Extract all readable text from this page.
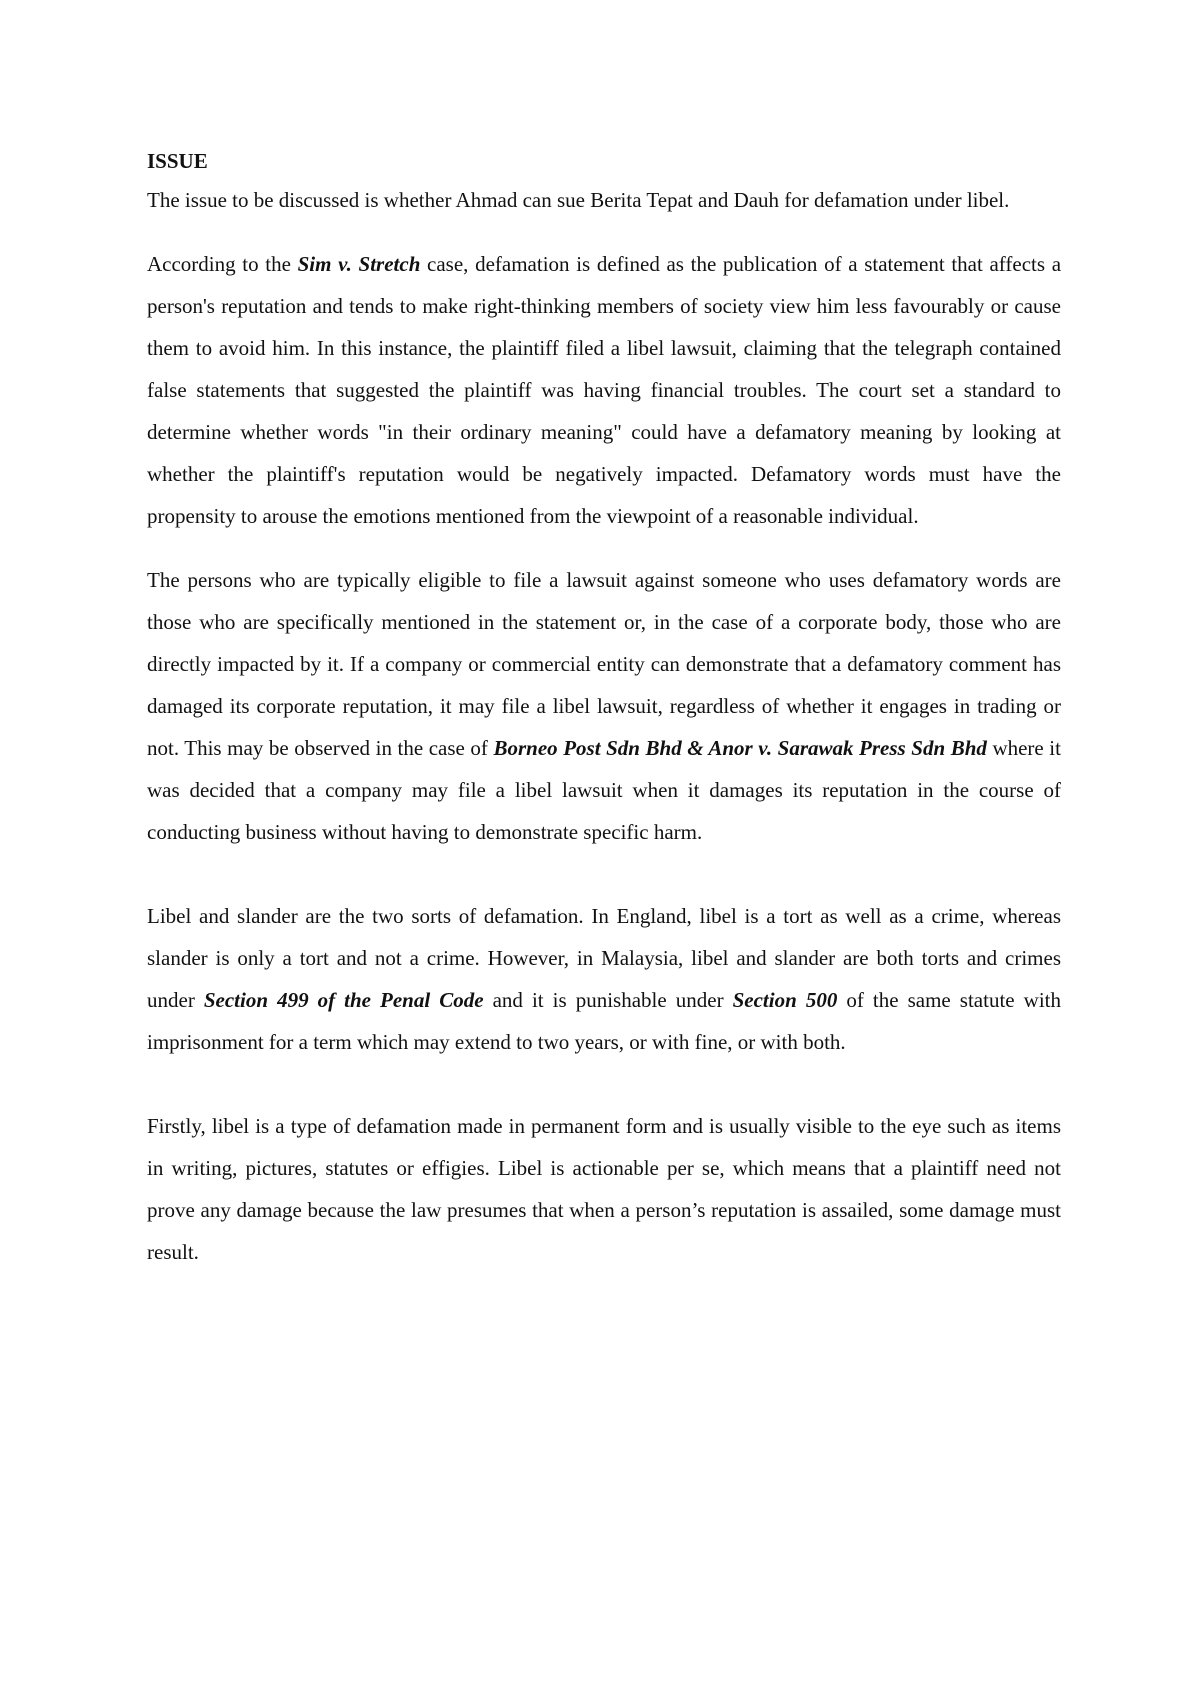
ISSUE

The issue to be discussed is whether Ahmad can sue Berita Tepat and Dauh for defamation under libel.

According to the Sim v. Stretch case, defamation is defined as the publication of a statement that affects a person's reputation and tends to make right-thinking members of society view him less favourably or cause them to avoid him. In this instance, the plaintiff filed a libel lawsuit, claiming that the telegraph contained false statements that suggested the plaintiff was having financial troubles. The court set a standard to determine whether words "in their ordinary meaning" could have a defamatory meaning by looking at whether the plaintiff's reputation would be negatively impacted. Defamatory words must have the propensity to arouse the emotions mentioned from the viewpoint of a reasonable individual.

The persons who are typically eligible to file a lawsuit against someone who uses defamatory words are those who are specifically mentioned in the statement or, in the case of a corporate body, those who are directly impacted by it. If a company or commercial entity can demonstrate that a defamatory comment has damaged its corporate reputation, it may file a libel lawsuit, regardless of whether it engages in trading or not. This may be observed in the case of Borneo Post Sdn Bhd & Anor v. Sarawak Press Sdn Bhd where it was decided that a company may file a libel lawsuit when it damages its reputation in the course of conducting business without having to demonstrate specific harm.

Libel and slander are the two sorts of defamation. In England, libel is a tort as well as a crime, whereas slander is only a tort and not a crime. However, in Malaysia, libel and slander are both torts and crimes under Section 499 of the Penal Code and it is punishable under Section 500 of the same statute with imprisonment for a term which may extend to two years, or with fine, or with both.

Firstly, libel is a type of defamation made in permanent form and is usually visible to the eye such as items in writing, pictures, statutes or effigies. Libel is actionable per se, which means that a plaintiff need not prove any damage because the law presumes that when a person’s reputation is assailed, some damage must result.
